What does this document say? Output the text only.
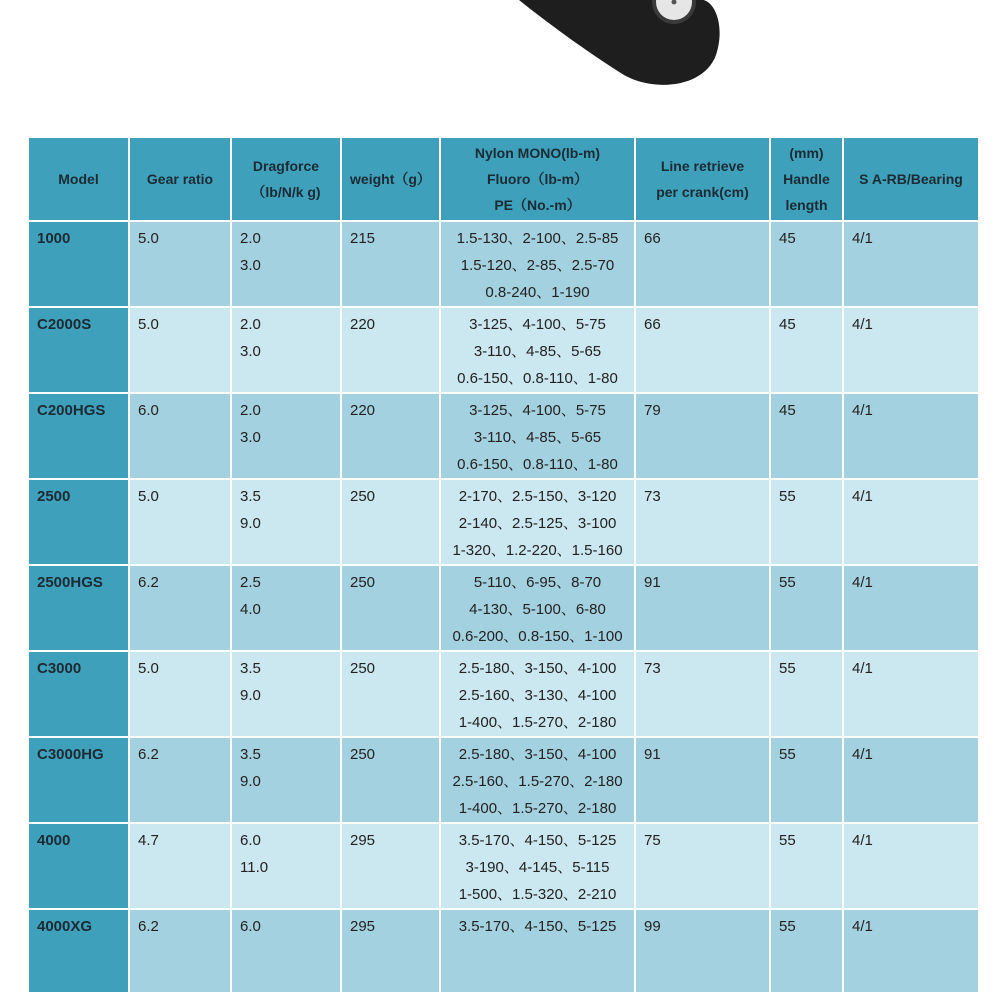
Model	Gear ratio	Dragforce
（lb/N/k g)	weight（g）	Nylon MONO(lb-m)
Fluoro（lb-m）
PE（No.-m）	Line retrieve
per crank(cm)	(mm)
Handle
length	S A-RB/Bearing
1000	5.0	2.0
3.0	215	1.5-130、2-100、2.5-85
1.5-120、2-85、2.5-70
0.8-240、1-190	66	45	4/1
C2000S	5.0	2.0
3.0	220	3-125、4-100、5-75
3-110、4-85、5-65
0.6-150、0.8-110、1-80	66	45	4/1
C200HGS	6.0	2.0
3.0	220	3-125、4-100、5-75
3-110、4-85、5-65
0.6-150、0.8-110、1-80	79	45	4/1
2500	5.0	3.5
9.0	250	2-170、2.5-150、3-120
2-140、2.5-125、3-100
1-320、1.2-220、1.5-160	73	55	4/1
2500HGS	6.2	2.5
4.0	250	5-110、6-95、8-70
4-130、5-100、6-80
0.6-200、0.8-150、1-100	91	55	4/1
C3000	5.0	3.5
9.0	250	2.5-180、3-150、4-100
2.5-160、3-130、4-100
1-400、1.5-270、2-180	73	55	4/1
C3000HG	6.2	3.5
9.0	250	2.5-180、3-150、4-100
2.5-160、1.5-270、2-180
1-400、1.5-270、2-180	91	55	4/1
4000	4.7	6.0
11.0	295	3.5-170、4-150、5-125
3-190、4-145、5-115
1-500、1.5-320、2-210	75	55	4/1
4000XG	6.2	6.0	295	3.5-170、4-150、5-125	99	55	4/1
